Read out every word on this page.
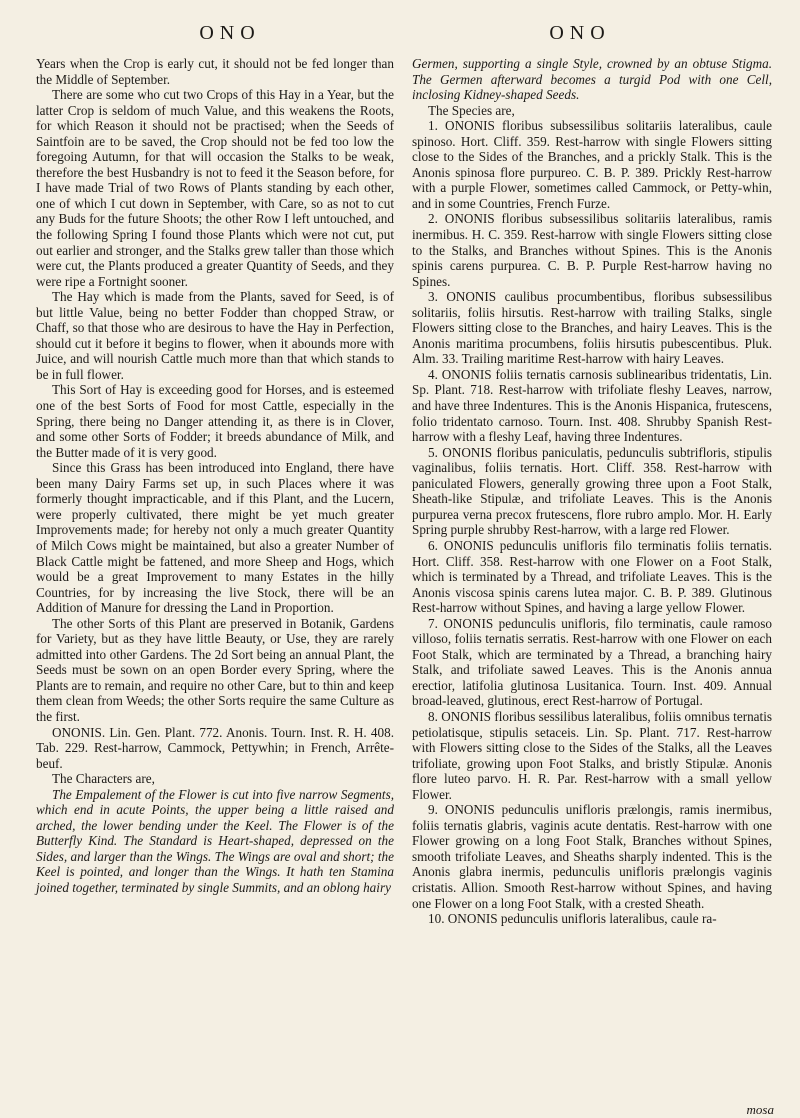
ONO	ONO

Years when the Crop is early cut, it should not be fed longer than the Middle of September.

There are some who cut two Crops of this Hay in a Year, but the latter Crop is seldom of much Value, and this weakens the Roots, for which Reason it should not be practised; when the Seeds of Saintfoin are to be saved, the Crop should not be fed too low the foregoing Autumn, for that will occasion the Stalks to be weak, therefore the best Husbandry is not to feed it the Season before, for I have made Trial of two Rows of Plants standing by each other, one of which I cut down in September, with Care, so as not to cut any Buds for the future Shoots; the other Row I left untouched, and the following Spring I found those Plants which were not cut, put out earlier and stronger, and the Stalks grew taller than those which were cut, the Plants produced a greater Quantity of Seeds, and they were ripe a Fortnight sooner.

The Hay which is made from the Plants, saved for Seed, is of but little Value, being no better Fodder than chopped Straw, or Chaff, so that those who are desirous to have the Hay in Perfection, should cut it before it begins to flower, when it abounds more with Juice, and will nourish Cattle much more than that which stands to be in full flower.

This Sort of Hay is exceeding good for Horses, and is esteemed one of the best Sorts of Food for most Cattle, especially in the Spring, there being no Danger attending it, as there is in Clover, and some other Sorts of Fodder; it breeds abundance of Milk, and the Butter made of it is very good.

Since this Grass has been introduced into England, there have been many Dairy Farms set up, in such Places where it was formerly thought impracticable, and if this Plant, and the Lucern, were properly cultivated, there might be yet much greater Improvements made; for hereby not only a much greater Quantity of Milch Cows might be maintained, but also a greater Number of Black Cattle might be fattened, and more Sheep and Hogs, which would be a great Improvement to many Estates in the hilly Countries, for by increasing the live Stock, there will be an Addition of Manure for dressing the Land in Proportion.

The other Sorts of this Plant are preserved in Botanik, Gardens for Variety, but as they have little Beauty, or Use, they are rarely admitted into other Gardens. The 2d Sort being an annual Plant, the Seeds must be sown on an open Border every Spring, where the Plants are to remain, and require no other Care, but to thin and keep them clean from Weeds; the other Sorts require the same Culture as the first.

ONONIS. Lin. Gen. Plant. 772. Anonis. Tourn. Inst. R. H. 408. Tab. 229. Rest-harrow, Cammock, Pettywhin; in French, Arrête-beuf.

The Characters are,

The Empalement of the Flower is cut into five narrow Segments, which end in acute Points, the upper being a little raised and arched, the lower bending under the Keel. The Flower is of the Butterfly Kind. The Standard is Heart-shaped, depressed on the Sides, and larger than the Wings. The Wings are oval and short; the Keel is pointed, and longer than the Wings. It hath ten Stamina joined together, terminated by single Summits, and an oblong hairy

Germen, supporting a single Style, crowned by an obtuse Stigma. The Germen afterward becomes a turgid Pod with one Cell, inclosing Kidney-shaped Seeds.

The Species are,

1. ONONIS floribus subsessilibus solitariis lateralibus, caule spinoso. Hort. Cliff. 359. Rest-harrow with single Flowers sitting close to the Sides of the Branches, and a prickly Stalk. This is the Anonis spinosa flore purpureo. C. B. P. 389. Prickly Rest-harrow with a purple Flower, sometimes called Cammock, or Petty-whin, and in some Countries, French Furze.

2. ONONIS floribus subsessilibus solitariis lateralibus, ramis inermibus. H. C. 359. Rest-harrow with single Flowers sitting close to the Stalks, and Branches without Spines. This is the Anonis spinis carens purpurea. C. B. P. Purple Rest-harrow having no Spines.

3. ONONIS caulibus procumbentibus, floribus subsessilibus solitariis, foliis hirsutis. Rest-harrow with trailing Stalks, single Flowers sitting close to the Branches, and hairy Leaves. This is the Anonis maritima procumbens, foliis hirsutis pubescentibus. Pluk. Alm. 33. Trailing maritime Rest-harrow with hairy Leaves.

4. ONONIS foliis ternatis carnosis sublinearibus tridentatis, Lin. Sp. Plant. 718. Rest-harrow with trifoliate fleshy Leaves, narrow, and have three Indentures. This is the Anonis Hispanica, frutescens, folio tridentato carnoso. Tourn. Inst. 408. Shrubby Spanish Rest-harrow with a fleshy Leaf, having three Indentures.

5. ONONIS floribus paniculatis, pedunculis subtrifloris, stipulis vaginalibus, foliis ternatis. Hort. Cliff. 358. Rest-harrow with paniculated Flowers, generally growing three upon a Foot Stalk, Sheath-like Stipulæ, and trifoliate Leaves. This is the Anonis purpurea verna precox frutescens, flore rubro amplo. Mor. H. Early Spring purple shrubby Rest-harrow, with a large red Flower.

6. ONONIS pedunculis unifloris filo terminatis foliis ternatis. Hort. Cliff. 358. Rest-harrow with one Flower on a Foot Stalk, which is terminated by a Thread, and trifoliate Leaves. This is the Anonis viscosa spinis carens lutea major. C. B. P. 389. Glutinous Rest-harrow without Spines, and having a large yellow Flower.

7. ONONIS pedunculis unifloris, filo terminatis, caule ramoso villoso, foliis ternatis serratis. Rest-harrow with one Flower on each Foot Stalk, which are terminated by a Thread, a branching hairy Stalk, and trifoliate sawed Leaves. This is the Anonis annua erectior, latifolia glutinosa Lusitanica. Tourn. Inst. 409. Annual broad-leaved, glutinous, erect Rest-harrow of Portugal.

8. ONONIS floribus sessilibus lateralibus, foliis omnibus ternatis petiolatisque, stipulis setaceis. Lin. Sp. Plant. 717. Rest-harrow with Flowers sitting close to the Sides of the Stalks, all the Leaves trifoliate, growing upon Foot Stalks, and bristly Stipulæ. Anonis flore luteo parvo. H. R. Par. Rest-harrow with a small yellow Flower.

9. ONONIS pedunculis unifloris prælongis, ramis inermibus, foliis ternatis glabris, vaginis acute dentatis. Rest-harrow with one Flower growing on a long Foot Stalk, Branches without Spines, smooth trifoliate Leaves, and Sheaths sharply indented. This is the Anonis glabra inermis, pedunculis unifloris prælongis vaginis cristatis. Allion. Smooth Rest-harrow without Spines, and having one Flower on a long Foot Stalk, with a crested Sheath.

10. ONONIS pedunculis unifloris lateralibus, caule ra-

mosa
